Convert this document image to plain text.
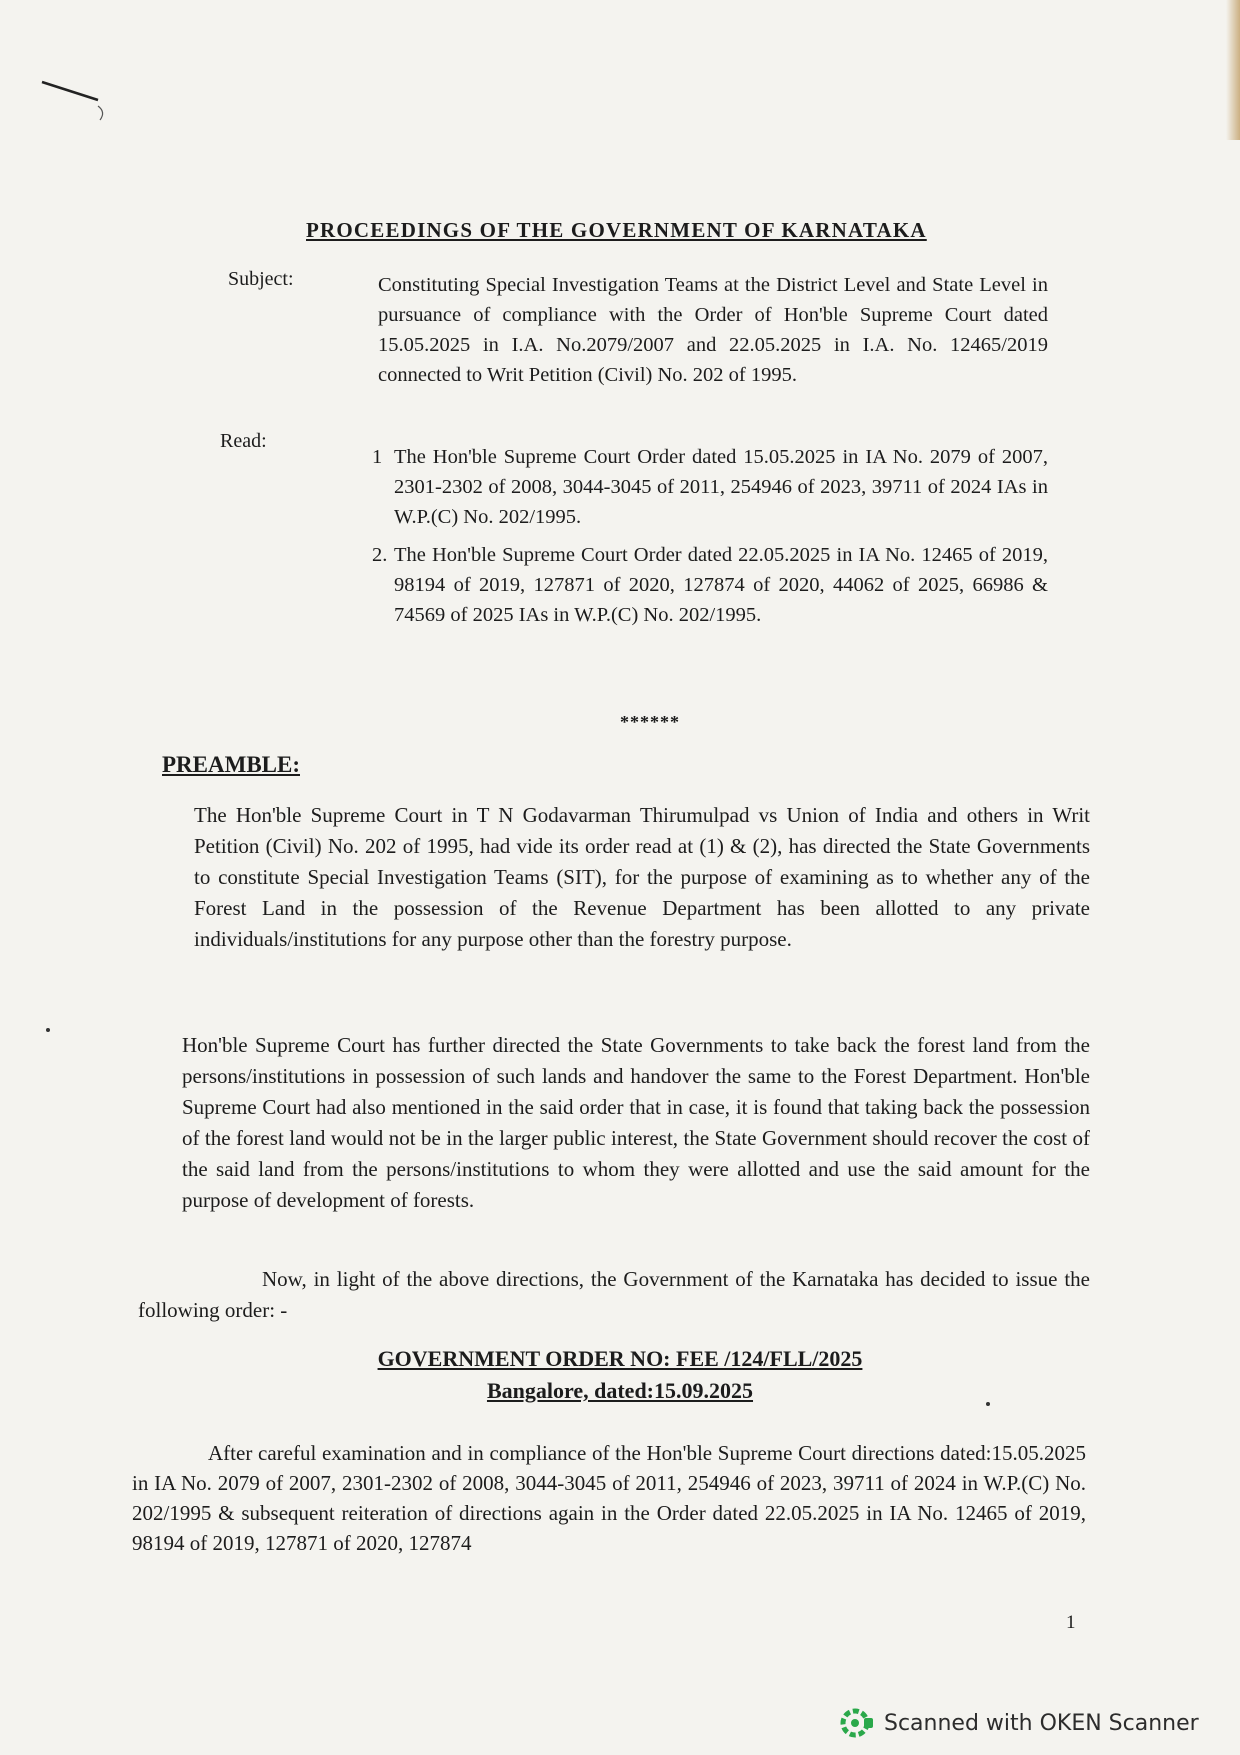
PROCEEDINGS OF THE GOVERNMENT OF KARNATAKA
Subject:	Constituting Special Investigation Teams at the District Level and State Level in pursuance of compliance with the Order of Hon'ble Supreme Court dated 15.05.2025 in I.A. No.2079/2007 and 22.05.2025 in I.A. No. 12465/2019 connected to Writ Petition (Civil) No. 202 of 1995.
Read:
1 The Hon'ble Supreme Court Order dated 15.05.2025 in IA No. 2079 of 2007, 2301-2302 of 2008, 3044-3045 of 2011, 254946 of 2023, 39711 of 2024 IAs in W.P.(C) No. 202/1995.
2. The Hon'ble Supreme Court Order dated 22.05.2025 in IA No. 12465 of 2019, 98194 of 2019, 127871 of 2020, 127874 of 2020, 44062 of 2025, 66986 & 74569 of 2025 IAs in W.P.(C) No. 202/1995.
******
PREAMBLE:
The Hon'ble Supreme Court in T N Godavarman Thirumulpad vs Union of India and others in Writ Petition (Civil) No. 202 of 1995, had vide its order read at (1) & (2), has directed the State Governments to constitute Special Investigation Teams (SIT), for the purpose of examining as to whether any of the Forest Land in the possession of the Revenue Department has been allotted to any private individuals/institutions for any purpose other than the forestry purpose.
Hon'ble Supreme Court has further directed the State Governments to take back the forest land from the persons/institutions in possession of such lands and handover the same to the Forest Department. Hon'ble Supreme Court had also mentioned in the said order that in case, it is found that taking back the possession of the forest land would not be in the larger public interest, the State Government should recover the cost of the said land from the persons/institutions to whom they were allotted and use the said amount for the purpose of development of forests.
Now, in light of the above directions, the Government of the Karnataka has decided to issue the following order: -
GOVERNMENT ORDER NO: FEE /124/FLL/2025
Bangalore, dated:15.09.2025
After careful examination and in compliance of the Hon'ble Supreme Court directions dated:15.05.2025 in IA No. 2079 of 2007, 2301-2302 of 2008, 3044-3045 of 2011, 254946 of 2023, 39711 of 2024 in W.P.(C) No. 202/1995 & subsequent reiteration of directions again in the Order dated 22.05.2025 in IA No. 12465 of 2019, 98194 of 2019, 127871 of 2020, 127874
1
Scanned with OKEN Scanner
